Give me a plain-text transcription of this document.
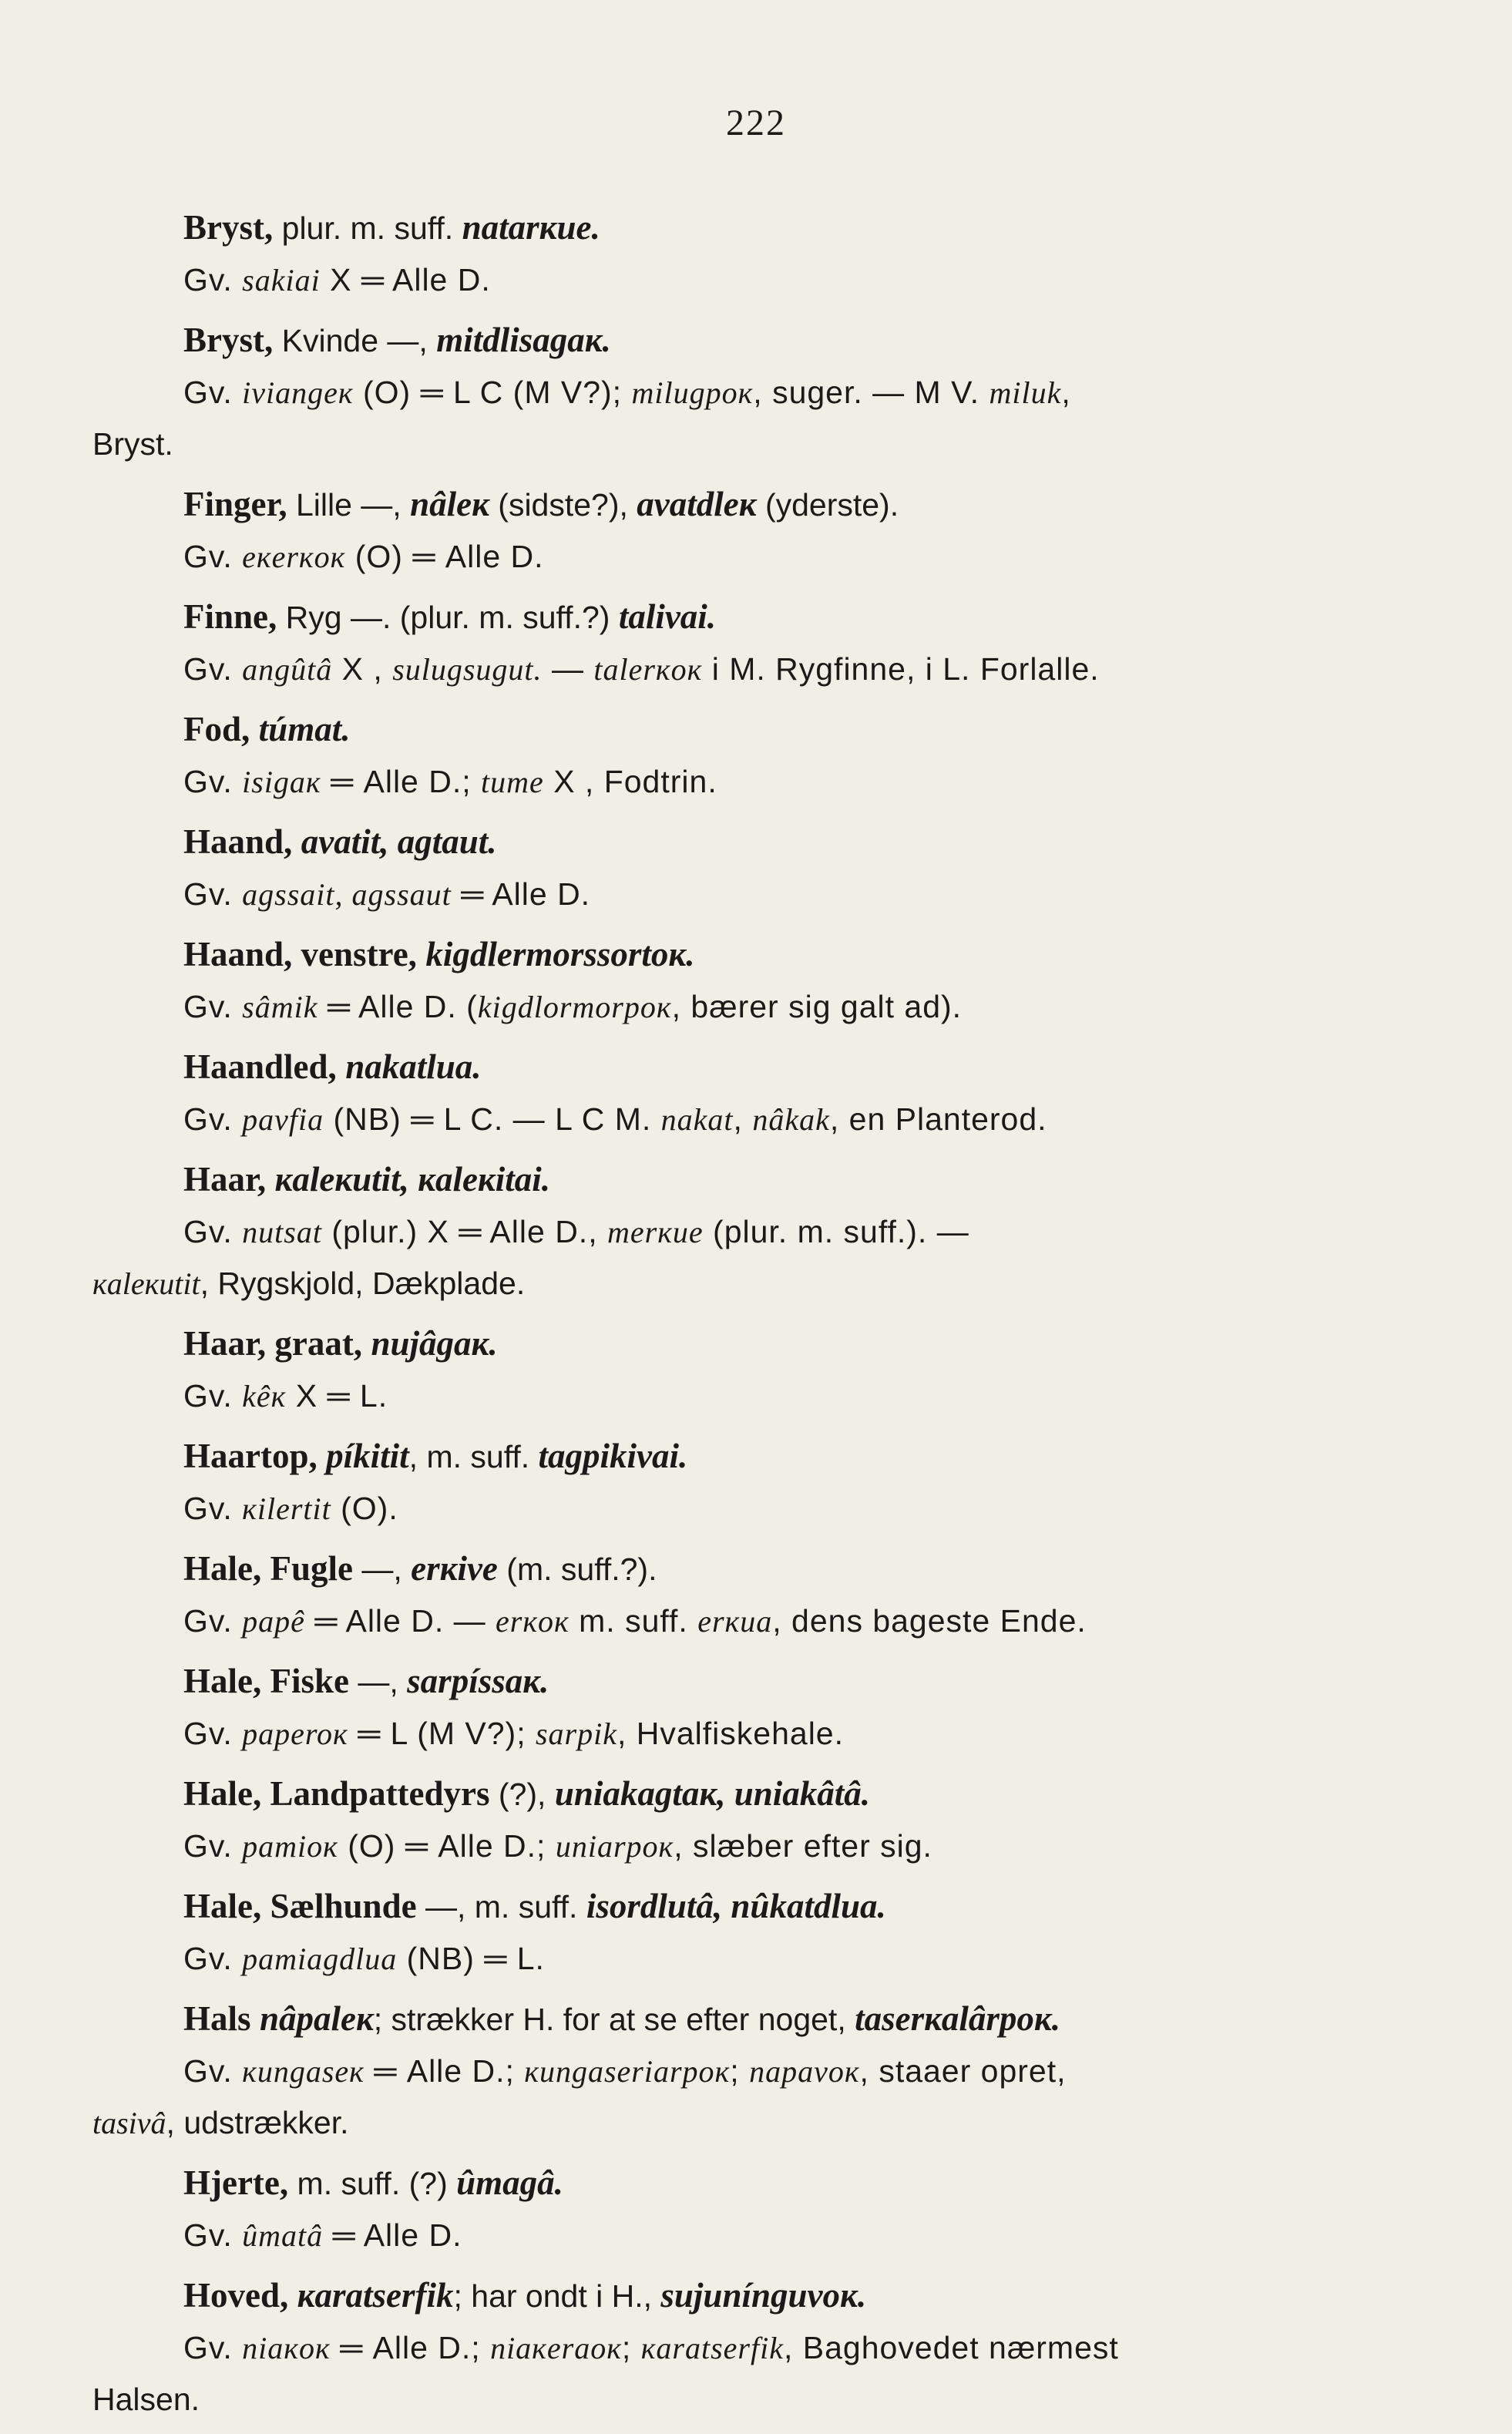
222
Bryst, plur. m. suff. natarкue.
Gv. sakiai X ═ Alle D.
Bryst, Kvinde —, mitdlisagaк.
Gv. iviangeк (O) ═ L C (M V?); milugpoк, suger. — M V. miluk,
Bryst.
Finger, Lille —, nâleк (sidste?), avatdleк (yderste).
Gv. eкerкoк (O) ═ Alle D.
Finne, Ryg —. (plur. m. suff.?) talivai.
Gv. angûtâ X , sulugsugut. — talerкoк i M. Rygfinne, i L. Forlalle.
Fod, túmat.
Gv. isigaк ═ Alle D.; tume X , Fodtrin.
Haand, avatit, agtaut.
Gv. agssait, agssaut ═ Alle D.
Haand, venstre, kigdlermorssortoк.
Gv. sâmik ═ Alle D. (kigdlormorpoк, bærer sig galt ad).
Haandled, nakatlua.
Gv. pavfia (NB) ═ L C. — L C M. nakat, nâkak, en Planterod.
Haar, кaleкutit, кaleкitai.
Gv. nutsat (plur.) X ═ Alle D., merкue (plur. m. suff.). —
кaleкutit, Rygskjold, Dækplade.
Haar, graat, nujâgaк.
Gv. kêк X ═ L.
Haartop, píkitit, m. suff. tagpikivai.
Gv. кilertit (O).
Hale, Fugle —, erкive (m. suff.?).
Gv. papê ═ Alle D. — erкoк m. suff. erкua, dens bageste Ende.
Hale, Fiske —, sarpíssaк.
Gv. paperoк ═ L (M V?); sarpik, Hvalfiskehale.
Hale, Landpattedyrs (?), uniakagtaк, uniakâtâ.
Gv. pamioк (O) ═ Alle D.; uniarpoк, slæber efter sig.
Hale, Sælhunde —, m. suff. isordlutâ, nûkatdlua.
Gv. pamiagdlua (NB) ═ L.
Hals nâpaleк; strækker H. for at se efter noget, taserкalârpoк.
Gv. кungaseк ═ Alle D.; кungaseriarpoк; napavoк, staaer opret,
tasivâ, udstrækker.
Hjerte, m. suff. (?) ûmagâ.
Gv. ûmatâ ═ Alle D.
Hoved, кaratserfik; har ondt i H., sujunínguvoк.
Gv. niaкoк ═ Alle D.; niaкeraoк; кaratserfik, Baghovedet nærmest
Halsen.
